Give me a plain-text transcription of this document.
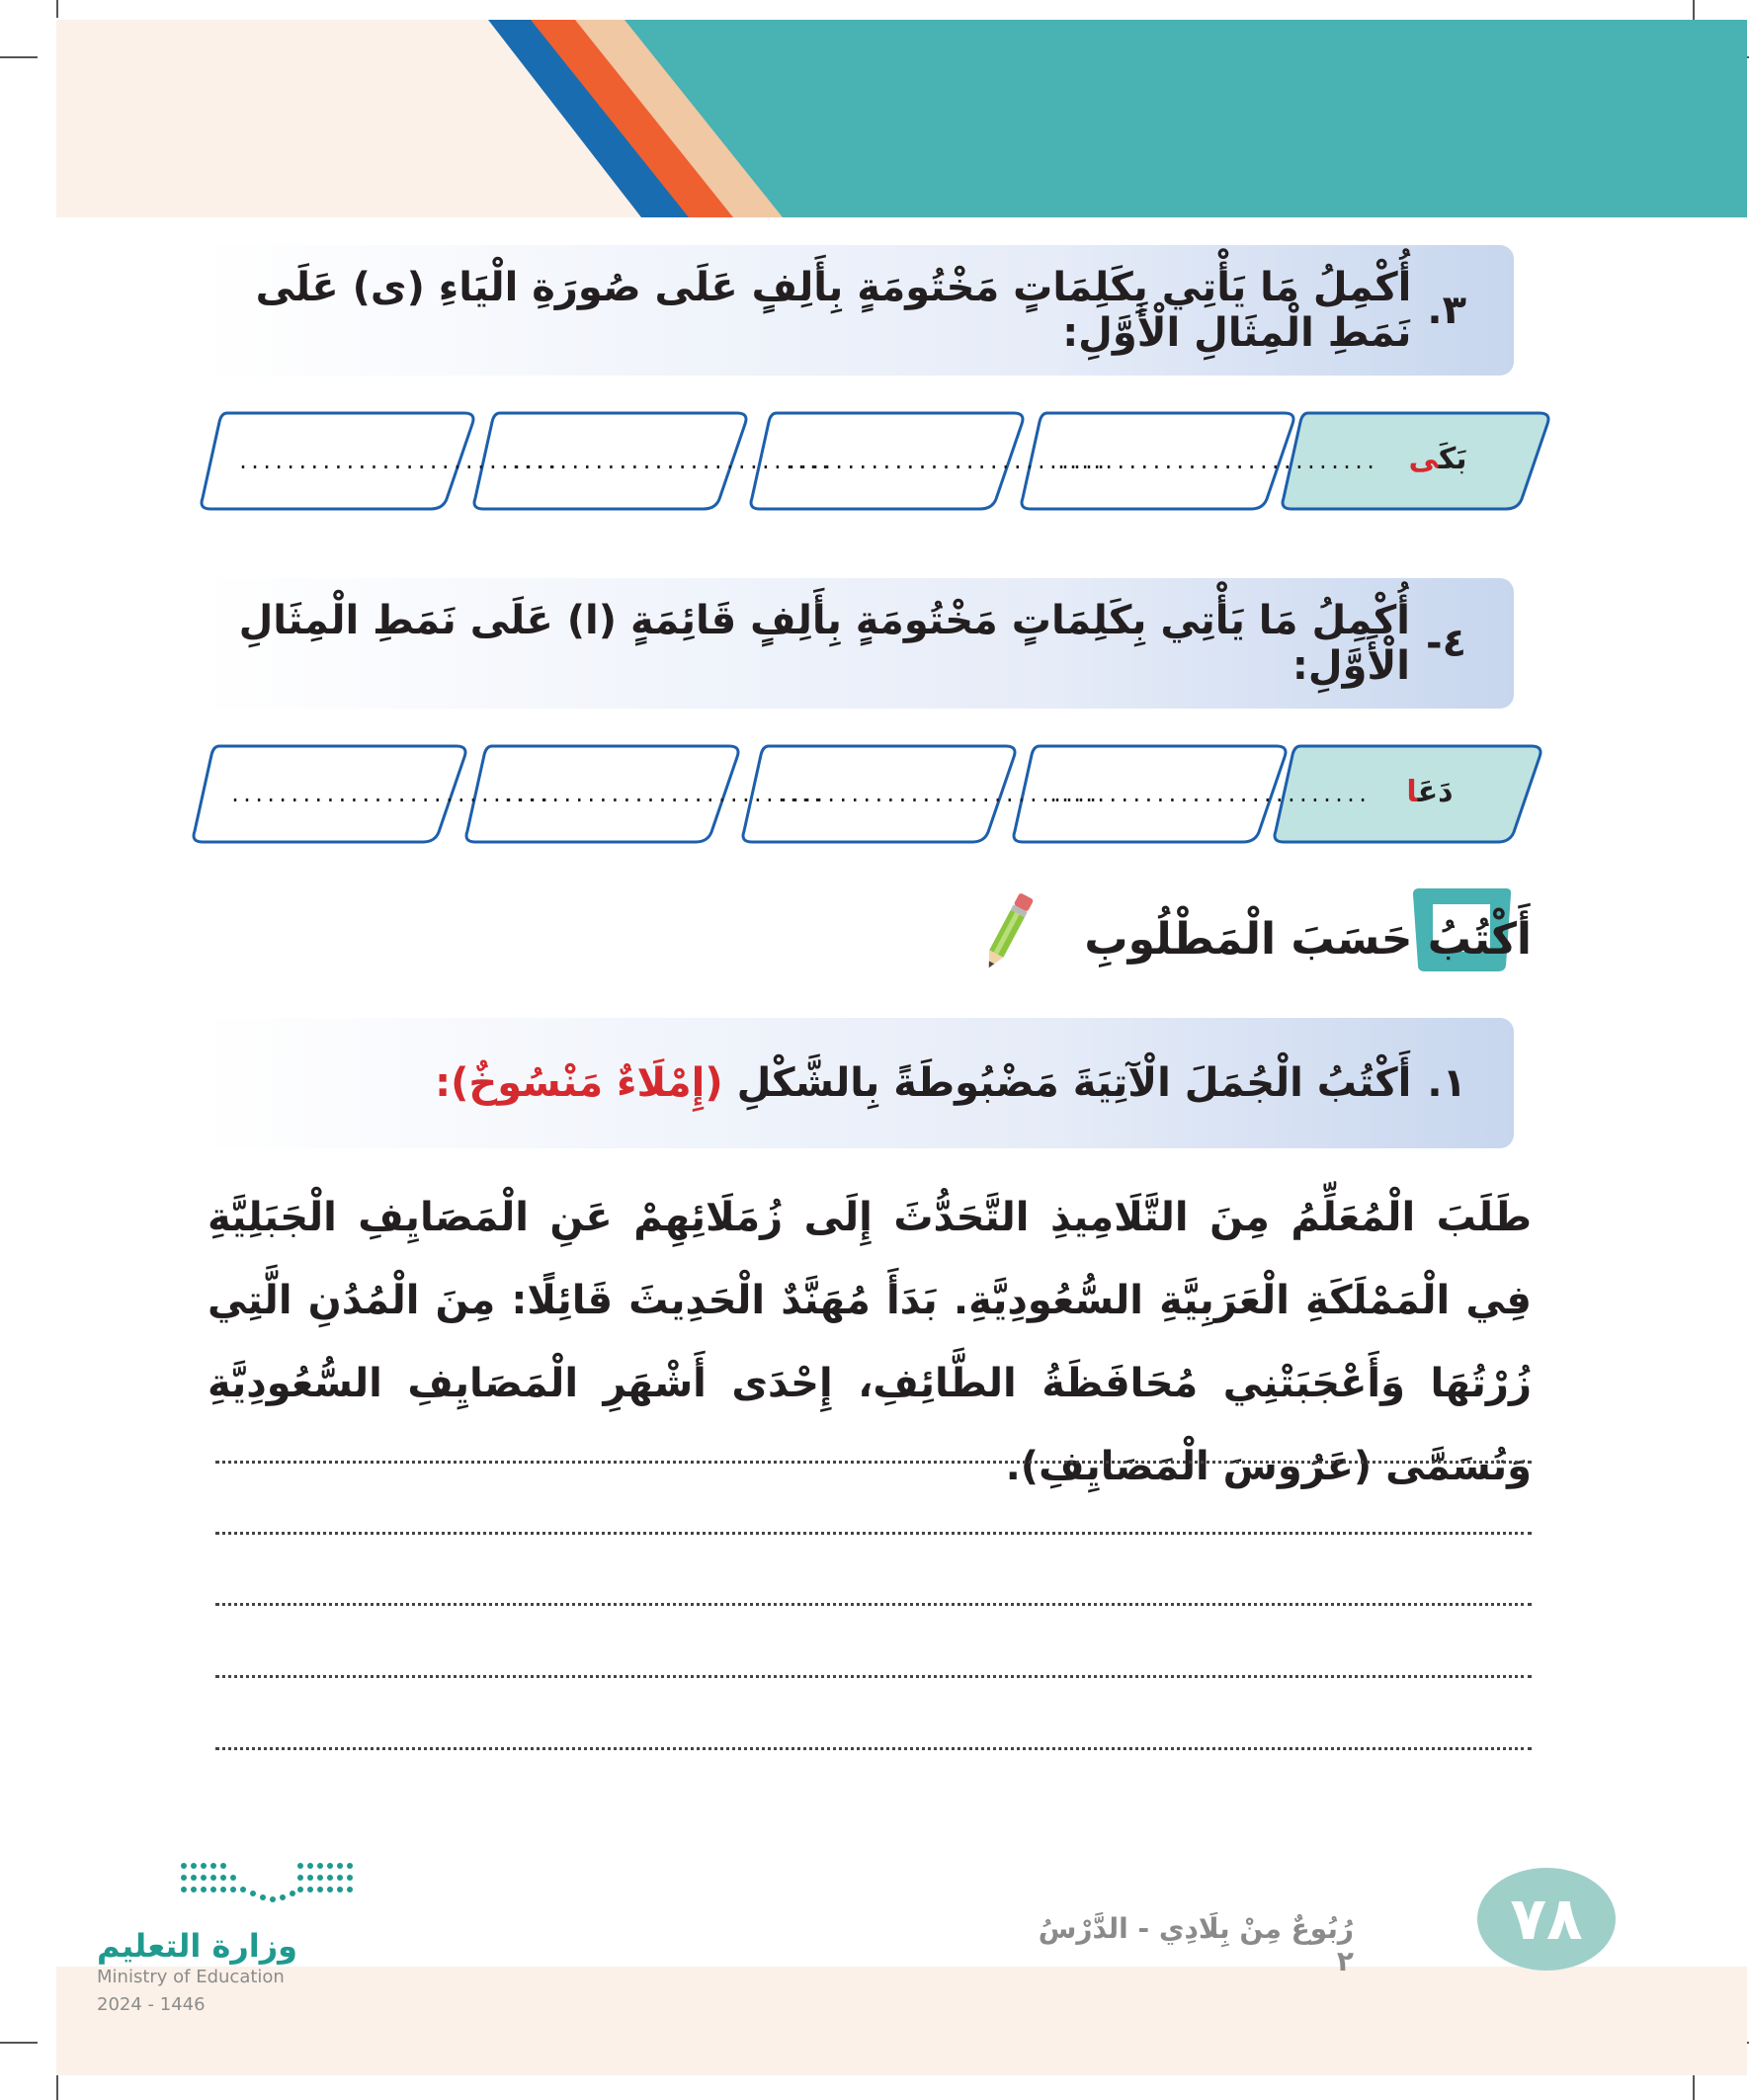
٣.
أُكْمِلُ مَا يَأْتِي بِكَلِمَاتٍ مَخْتُومَةٍ بِأَلِفٍ عَلَى صُورَةِ الْيَاءِ (ى) عَلَى نَمَطِ الْمِثَالِ الْأَوَّلِ:
...........................
...........................
...........................
...........................	بَكَى
٤-
أُكْمِلُ مَا يَأْتِي بِكَلِمَاتٍ مَخْتُومَةٍ بِأَلِفٍ قَائِمَةٍ (ا) عَلَى نَمَطِ الْمِثَالِ الْأَوَّلِ:
...........................
...........................
...........................
...........................	دَعَا
أَكْتُبُ حَسَبَ الْمَطْلُوبِ
١.
أَكْتُبُ الْجُمَلَ الْآتِيَةَ مَضْبُوطَةً بِالشَّكْلِ
(إِمْلَاءٌ مَنْسُوخٌ):
طَلَبَ الْمُعَلِّمُ مِنَ التَّلَامِيذِ التَّحَدُّثَ إِلَى زُمَلَائِهِمْ عَنِ الْمَصَايِفِ الْجَبَلِيَّةِ فِي الْمَمْلَكَةِ الْعَرَبِيَّةِ السُّعُودِيَّةِ. بَدَأَ مُهَنَّدٌ الْحَدِيثَ قَائِلًا: مِنَ الْمُدُنِ الَّتِي زُرْتُهَا وَأَعْجَبَتْنِي مُحَافَظَةُ الطَّائِفِ، إِحْدَى أَشْهَرِ الْمَصَايِفِ السُّعُودِيَّةِ وَتُسَمَّى (عَرُوسَ الْمَصَايِفِ).
٧٨
رُبُوعٌ مِنْ بِلَادِي - الدَّرْسُ ٢
وزارة التعليم
Ministry of Education
2024 - 1446
